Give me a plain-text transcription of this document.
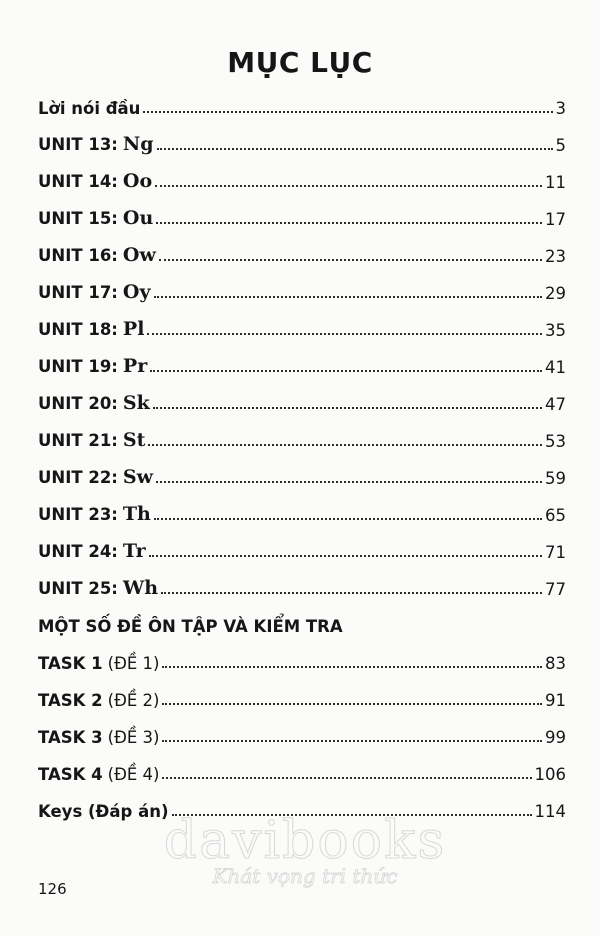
MỤC LỤC
Lời nói đầu	3
UNIT 13: Ng	5
UNIT 14: Oo	11
UNIT 15: Ou	17
UNIT 16: Ow	23
UNIT 17: Oy	29
UNIT 18: Pl	35
UNIT 19: Pr	41
UNIT 20: Sk	47
UNIT 21: St	53
UNIT 22: Sw	59
UNIT 23: Th	65
UNIT 24: Tr	71
UNIT 25: Wh	77
MỘT SỐ ĐỀ ÔN TẬP VÀ KIỂM TRA
TASK 1 (ĐỀ 1)	83
TASK 2 (ĐỀ 2)	91
TASK 3 (ĐỀ 3)	99
TASK 4 (ĐỀ 4)	106
Keys (Đáp án)	114
davibooks
Khát vọng tri thức
126
